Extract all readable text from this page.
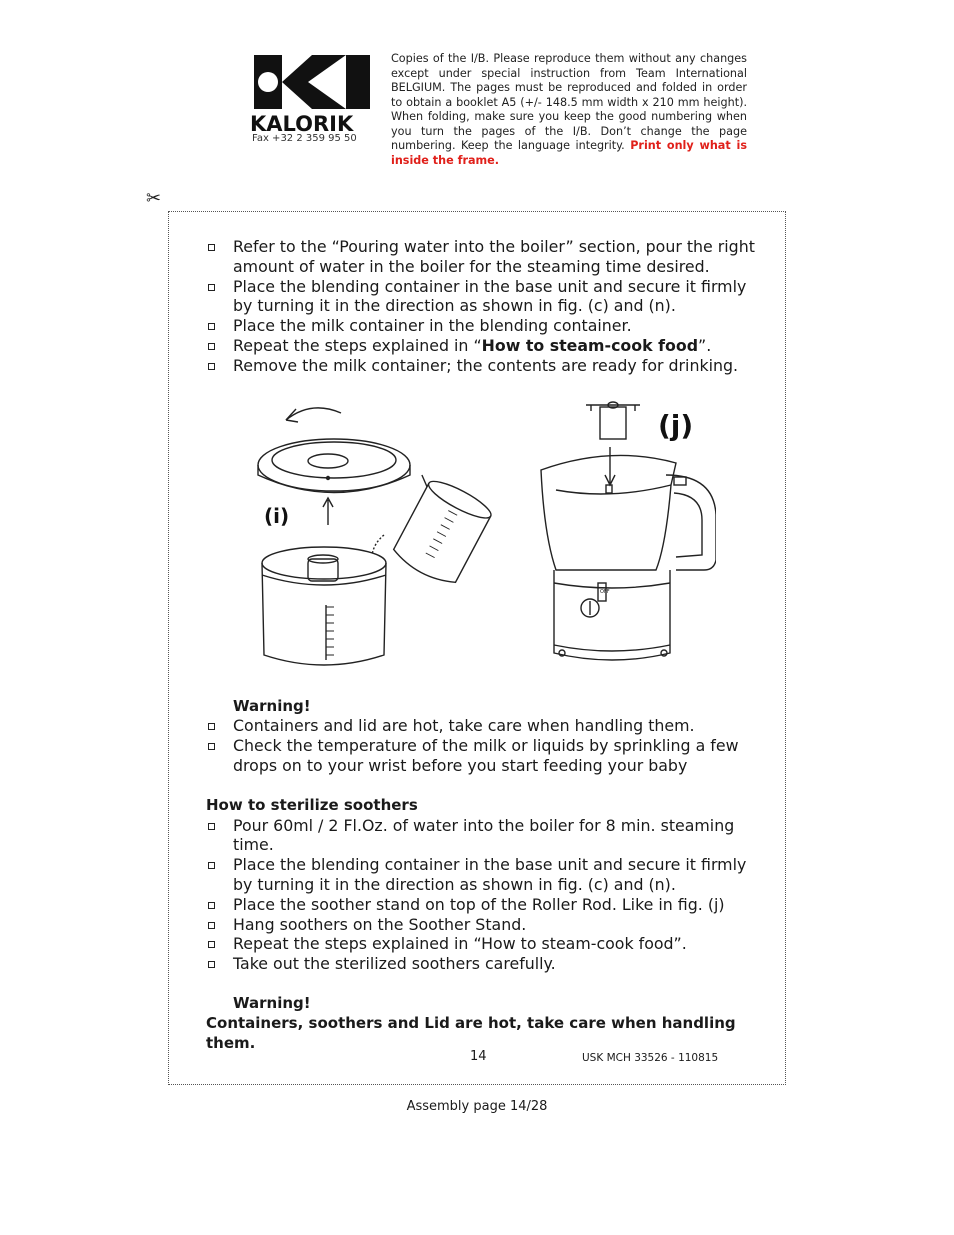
KALORIK
Fax +32 2 359 95 50
Copies of the I/B. Please reproduce them without any changes except under special instruction from Team International BELGIUM. The pages must be reproduced and folded in order to obtain a booklet A5 (+/- 148.5 mm width x 210 mm height). When folding, make sure you keep the good numbering when you turn the pages of the I/B. Don’t change the page numbering. Keep the language integrity. Print only what is inside the frame.
✂
Refer to the “Pouring water into the boiler” section, pour the right amount of water in the boiler for the steaming time desired.
Place the blending container in the base unit and secure it firmly by turning it in the direction as shown in fig. (c) and (n).
Place the milk container in the blending container.
Repeat the steps explained in “How to steam-cook food”.
Remove the milk container; the contents are ready for drinking.
Warning!
Containers and lid are hot, take care when handling them.
Check the temperature of the milk or liquids by sprinkling a few drops on to your wrist before you start feeding your baby
How to sterilize soothers
Pour 60ml / 2 Fl.Oz. of water into the boiler for 8 min. steaming time.
Place the blending container in the base unit and secure it firmly by turning it in the direction as shown in fig. (c) and (n).
Place the soother stand on top of the Roller Rod. Like in fig. (j)
Hang soothers on the Soother Stand.
Repeat the steps explained in “How to steam-cook food”.
Take out the sterilized soothers carefully.
Warning!
Containers, soothers and Lid are hot, take care when handling them.
(i)
(j)
OFF
14	USK MCH 33526 - 110815
Assembly page 14/28
